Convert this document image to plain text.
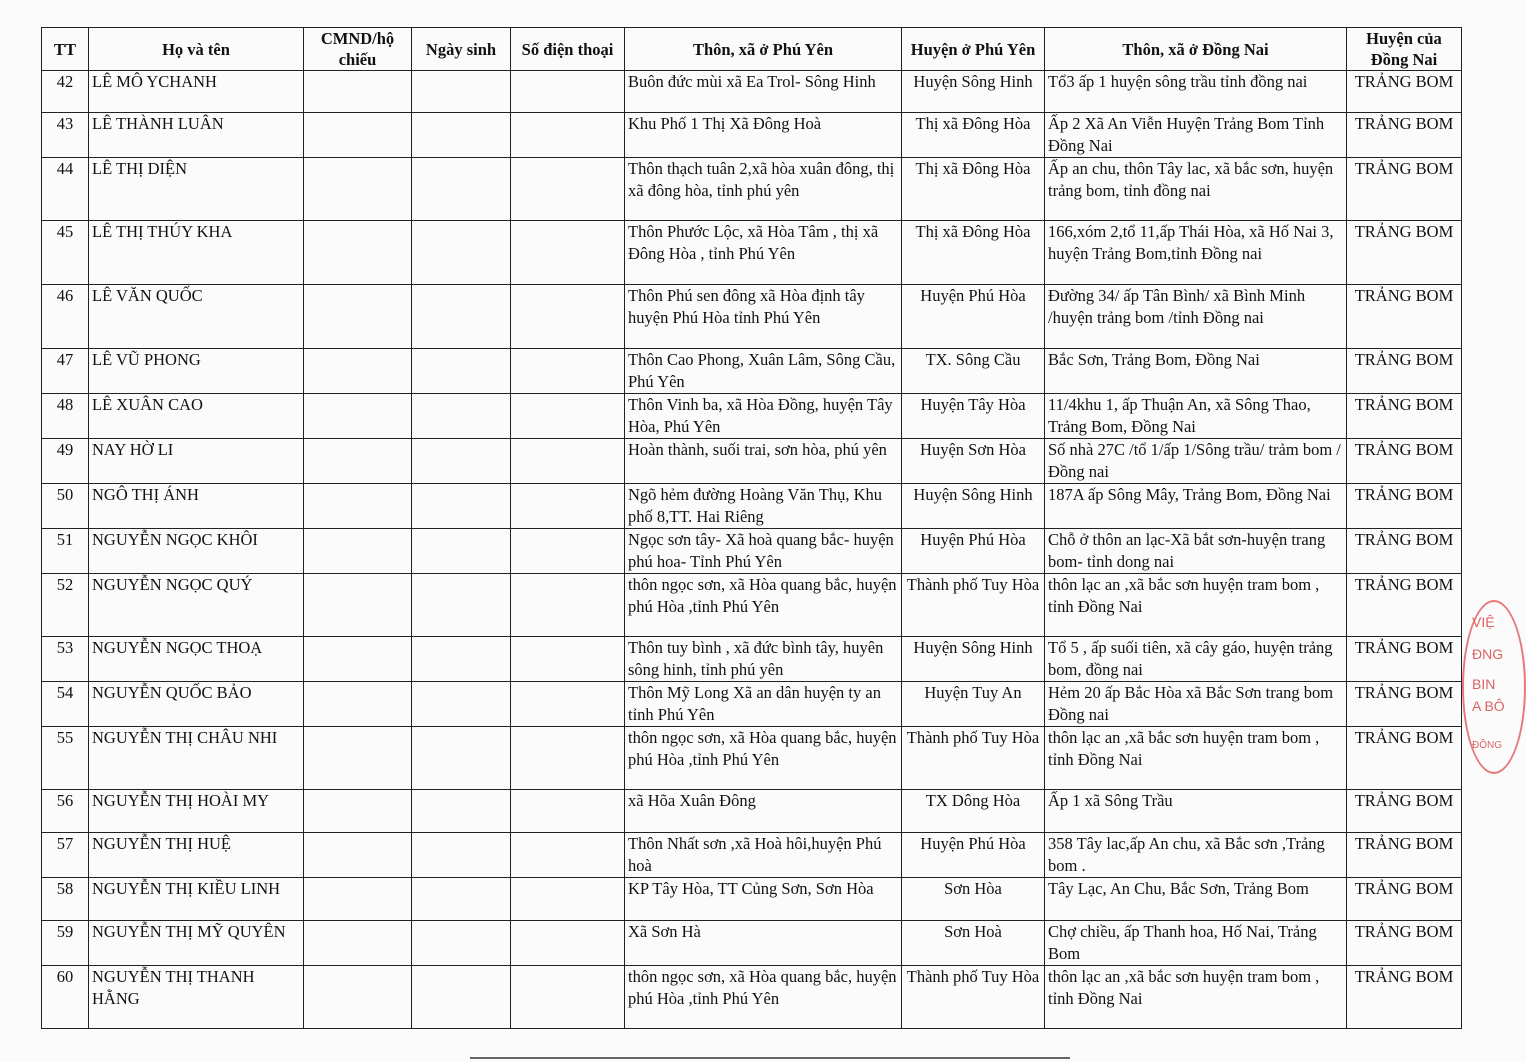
TT	Họ và tên	CMND/hộ chiếu	Ngày sinh	Số điện thoại	Thôn, xã ở Phú Yên	Huyện ở Phú Yên	Thôn, xã ở Đồng Nai	Huyện của Đồng Nai
42	LÊ MÔ YCHANH				Buôn đức mùi xã Ea Trol- Sông Hinh	Huyện Sông Hinh	Tổ3 ấp 1 huyện sông trầu tỉnh đồng nai	TRẢNG BOM
43	LÊ THÀNH LUÂN				Khu Phố 1 Thị Xã Đông Hoà	Thị xã Đông Hòa	Ấp 2 Xã An Viễn Huyện Trảng Bom Tỉnh Đồng Nai	TRẢNG BOM
44	LÊ THỊ DIỆN				Thôn thạch tuân 2,xã hòa xuân đông, thị xã đông hòa, tỉnh phú yên	Thị xã Đông Hòa	Ấp an chu, thôn Tây lac, xã bắc sơn, huyện trảng bom, tỉnh đồng nai	TRẢNG BOM
45	LÊ THỊ THÚY KHA				Thôn Phước Lộc, xã Hòa Tâm , thị xã Đông Hòa , tỉnh Phú Yên	Thị xã Đông Hòa	166,xóm 2,tổ 11,ấp Thái Hòa, xã Hố Nai 3, huyện Trảng Bom,tỉnh Đồng nai	TRẢNG BOM
46	LÊ VĂN QUỐC				Thôn Phú sen đông xã Hòa định tây huyện Phú Hòa tỉnh Phú Yên	Huyện Phú Hòa	Đường 34/ ấp Tân Bình/ xã Bình Minh /huyện trảng bom /tỉnh Đồng nai	TRẢNG BOM
47	LÊ VŨ PHONG				Thôn Cao Phong, Xuân Lâm, Sông Cầu, Phú Yên	TX. Sông Cầu	Bắc Sơn, Trảng Bom, Đồng Nai	TRẢNG BOM
48	LÊ XUÂN CAO				Thôn Vinh ba, xã Hòa Đồng, huyện Tây Hòa, Phú Yên	Huyện Tây Hòa	11/4khu 1, ấp Thuận An, xã Sông Thao, Trảng Bom, Đồng Nai	TRẢNG BOM
49	NAY HỜ LI				Hoàn thành, suối trai, sơn hòa, phú yên	Huyện Sơn Hòa	Số nhà 27C /tổ 1/ấp 1/Sông trầu/ trảm bom /Đồng nai	TRẢNG BOM
50	NGÔ THỊ ÁNH				Ngõ hẻm đường Hoàng Văn Thụ, Khu phố 8,TT. Hai Riêng	Huyện Sông Hinh	187A ấp Sông Mây, Trảng Bom, Đồng Nai	TRẢNG BOM
51	NGUYỄN NGỌC KHÔI				Ngọc sơn tây- Xã hoà quang bắc- huyện phú hoa- Tỉnh Phú Yên	Huyện Phú Hòa	Chỗ ở thôn an lạc-Xã bắt sơn-huyện trang bom- tỉnh dong nai	TRẢNG BOM
52	NGUYỄN NGỌC QUÝ				thôn ngọc sơn, xã Hòa quang bắc, huyện phú Hòa ,tỉnh Phú Yên	Thành phố Tuy Hòa	thôn lạc an ,xã bắc sơn huyện tram bom , tỉnh Đồng Nai	TRẢNG BOM
53	NGUYỄN NGỌC THOẠ				Thôn tuy bình , xã đức bình tây, huyên sông hinh, tỉnh phú yên	Huyện Sông Hinh	Tổ 5 , ấp suối tiên, xã cây gáo, huyện trảng bom, đồng nai	TRẢNG BOM
54	NGUYỄN QUỐC BẢO				Thôn Mỹ Long Xã an dân huyện ty an tỉnh Phú Yên	Huyện Tuy An	Hẻm 20 ấp Bắc Hòa xã Bắc Sơn trang bom Đồng nai	TRẢNG BOM
55	NGUYỄN THỊ CHÂU NHI				thôn ngọc sơn, xã Hòa quang bắc, huyện phú Hòa ,tỉnh Phú Yên	Thành phố Tuy Hòa	thôn lạc an ,xã bắc sơn huyện tram bom , tỉnh Đồng Nai	TRẢNG BOM
56	NGUYỄN THỊ HOÀI MY				xã Hõa Xuân Đông	TX Dông Hòa	Ấp 1 xã Sông Trầu	TRẢNG BOM
57	NGUYỄN THỊ HUỆ				Thôn Nhất sơn ,xã Hoà hôi,huyện Phú hoà	Huyện Phú Hòa	358 Tây lac,ấp An chu, xã Bắc sơn ,Trảng bom .	TRẢNG BOM
58	NGUYỄN THỊ KIỀU LINH				KP Tây Hòa, TT Củng Sơn, Sơn Hòa	Sơn Hòa	Tây Lạc, An Chu, Bắc Sơn, Trảng Bom	TRẢNG BOM
59	NGUYỄN THỊ MỸ QUYÊN				Xã Sơn Hà	Sơn Hoà	Chợ chiều, ấp Thanh hoa, Hố Nai, Trảng Bom	TRẢNG BOM
60	NGUYỄN THỊ THANH HẰNG				thôn ngọc sơn, xã Hòa quang bắc, huyện phú Hòa ,tỉnh Phú Yên	Thành phố Tuy Hòa	thôn lạc an ,xã bắc sơn huyện tram bom , tỉnh Đồng Nai	TRẢNG BOM
VIỆ
ĐNG
BIN
A BÔ
ĐỒNG
